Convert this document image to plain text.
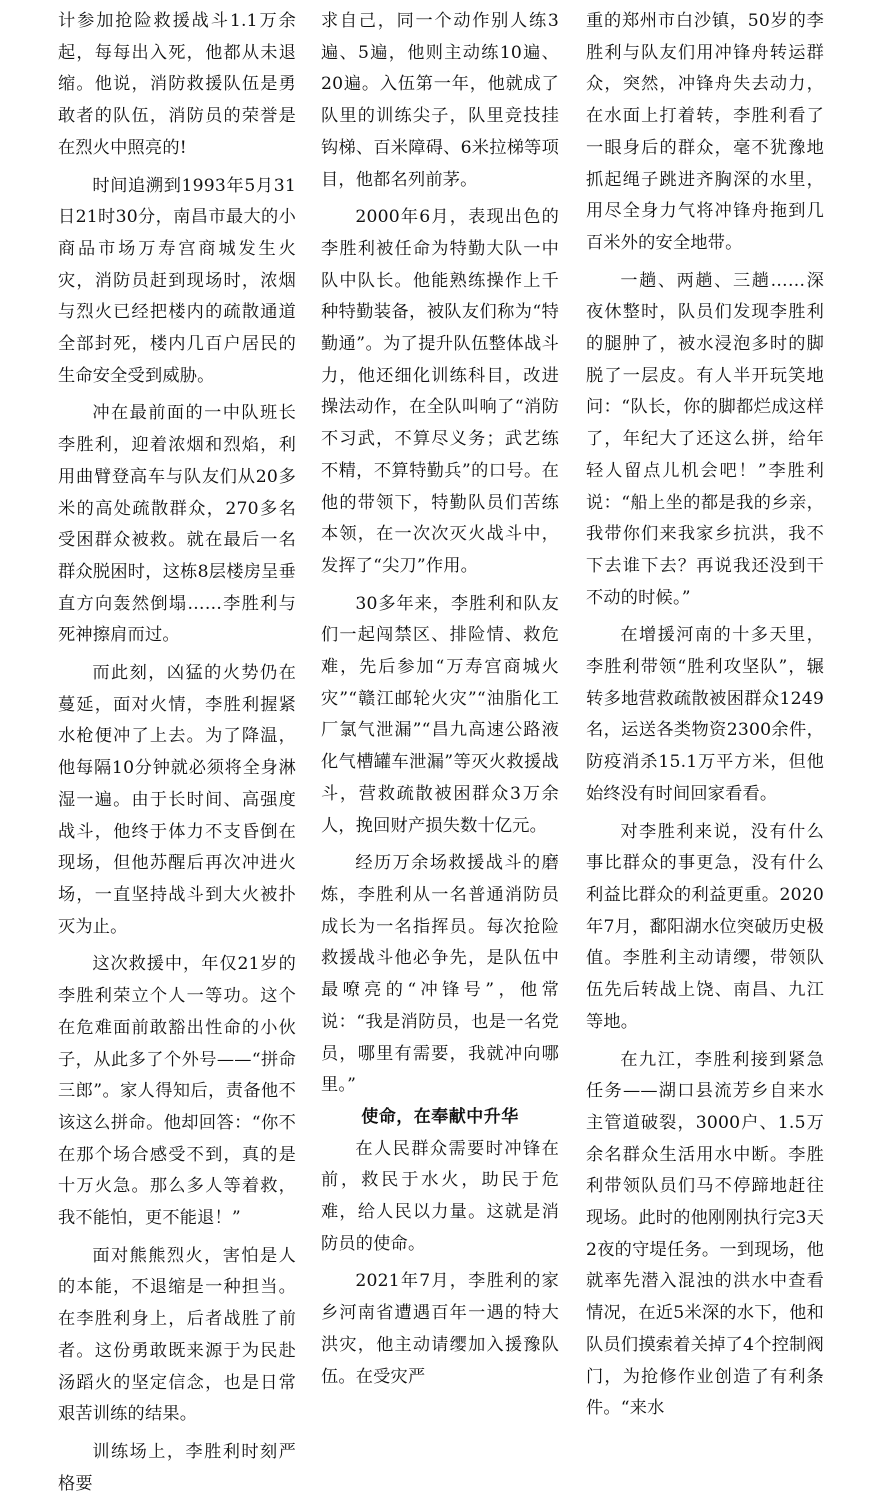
计参加抢险救援战斗1.1万余起，每每出入死，他都从未退缩。他说，消防救援队伍是勇敢者的队伍，消防员的荣誉是在烈火中照亮的!

时间追溯到1993年5月31日21时30分，南昌市最大的小商品市场万寿宫商城发生火灾，消防员赶到现场时，浓烟与烈火已经把楼内的疏散通道全部封死，楼内几百户居民的生命安全受到威胁。

冲在最前面的一中队班长李胜利，迎着浓烟和烈焰，利用曲臂登高车与队友们从20多米的高处疏散群众，270多名受困群众被救。就在最后一名群众脱困时，这栋8层楼房呈垂直方向轰然倒塌……李胜利与死神擦肩而过。

而此刻，凶猛的火势仍在蔓延，面对火情，李胜利握紧水枪便冲了上去。为了降温，他每隔10分钟就必须将全身淋湿一遍。由于长时间、高强度战斗，他终于体力不支昏倒在现场，但他苏醒后再次冲进火场，一直坚持战斗到大火被扑灭为止。

这次救援中，年仅21岁的李胜利荣立个人一等功。这个在危难面前敢豁出性命的小伙子，从此多了个外号——“拼命三郎”。家人得知后，责备他不该这么拼命。他却回答：“你不在那个场合感受不到，真的是十万火急。那么多人等着救，我不能怕，更不能退！”

面对熊熊烈火，害怕是人的本能，不退缩是一种担当。在李胜利身上，后者战胜了前者。这份勇敢既来源于为民赴汤蹈火的坚定信念，也是日常艰苦训练的结果。

训练场上，李胜利时刻严格要

求自己，同一个动作别人练3遍、5遍，他则主动练10遍、20遍。入伍第一年，他就成了队里的训练尖子，队里竞技挂钩梯、百米障碍、6米拉梯等项目，他都名列前茅。

2000年6月，表现出色的李胜利被任命为特勤大队一中队中队长。他能熟练操作上千种特勤装备，被队友们称为“特勤通”。为了提升队伍整体战斗力，他还细化训练科目，改进操法动作，在全队叫响了“消防不习武，不算尽义务；武艺练不精，不算特勤兵”的口号。在他的带领下，特勤队员们苦练本领，在一次次灭火战斗中，发挥了“尖刀”作用。

30多年来，李胜利和队友们一起闯禁区、排险情、救危难，先后参加“万寿宫商城火灾”“赣江邮轮火灾”“油脂化工厂氯气泄漏”“昌九高速公路液化气槽罐车泄漏”等灭火救援战斗，营救疏散被困群众3万余人，挽回财产损失数十亿元。

经历万余场救援战斗的磨炼，李胜利从一名普通消防员成长为一名指挥员。每次抢险救援战斗他必争先，是队伍中最嘹亮的“冲锋号”，他常说：“我是消防员，也是一名党员，哪里有需要，我就冲向哪里。”

使命，在奉献中升华

在人民群众需要时冲锋在前，救民于水火，助民于危难，给人民以力量。这就是消防员的使命。

2021年7月，李胜利的家乡河南省遭遇百年一遇的特大洪灾，他主动请缨加入援豫队伍。在受灾严

重的郑州市白沙镇，50岁的李胜利与队友们用冲锋舟转运群众，突然，冲锋舟失去动力，在水面上打着转，李胜利看了一眼身后的群众，毫不犹豫地抓起绳子跳进齐胸深的水里，用尽全身力气将冲锋舟拖到几百米外的安全地带。

一趟、两趟、三趟……深夜休整时，队员们发现李胜利的腿肿了，被水浸泡多时的脚脱了一层皮。有人半开玩笑地问：“队长，你的脚都烂成这样了，年纪大了还这么拼，给年轻人留点儿机会吧！”李胜利说：“船上坐的都是我的乡亲，我带你们来我家乡抗洪，我不下去谁下去？再说我还没到干不动的时候。”

在增援河南的十多天里，李胜利带领“胜利攻坚队”，辗转多地营救疏散被困群众1249名，运送各类物资2300余件，防疫消杀15.1万平方米，但他始终没有时间回家看看。

对李胜利来说，没有什么事比群众的事更急，没有什么利益比群众的利益更重。2020年7月，鄱阳湖水位突破历史极值。李胜利主动请缨，带领队伍先后转战上饶、南昌、九江等地。

在九江，李胜利接到紧急任务——湖口县流芳乡自来水主管道破裂，3000户、1.5万余名群众生活用水中断。李胜利带领队员们马不停蹄地赶往现场。此时的他刚刚执行完3天2夜的守堤任务。一到现场，他就率先潜入混浊的洪水中查看情况，在近5米深的水下，他和队员们摸索着关掉了4个控制阀门，为抢修作业创造了有利条件。“来水
